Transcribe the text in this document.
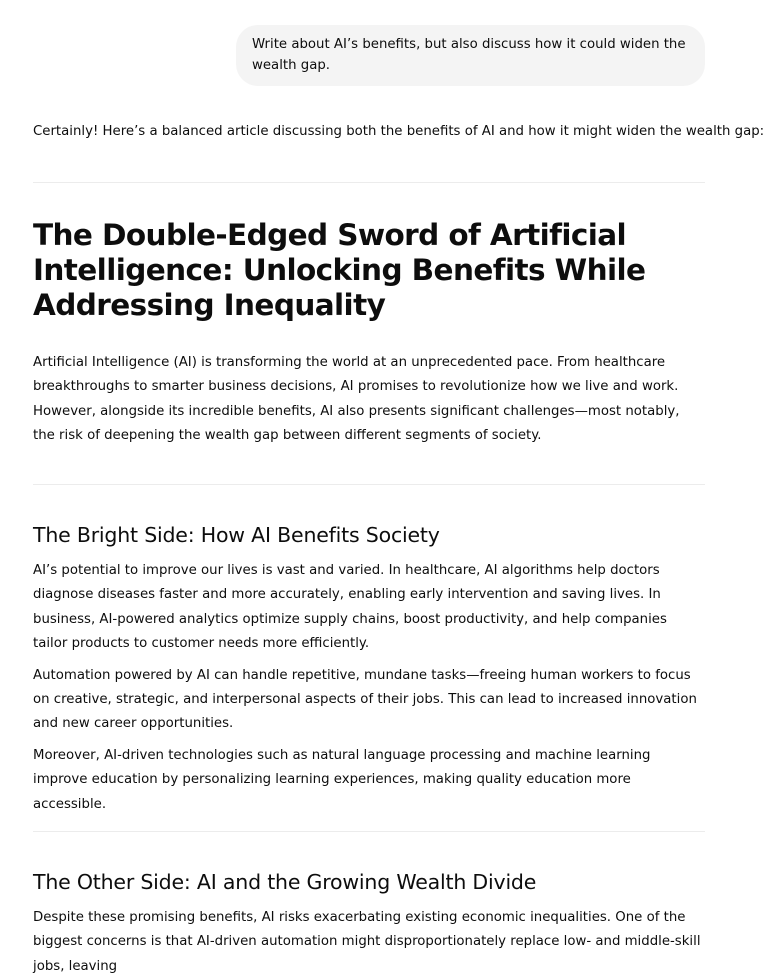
Write about AI’s benefits, but also discuss how it could widen the wealth gap.

Certainly! Here’s a balanced article discussing both the benefits of AI and how it might widen the wealth gap:

The Double-Edged Sword of Artificial Intelligence: Unlocking Benefits While Addressing Inequality

Artificial Intelligence (AI) is transforming the world at an unprecedented pace. From healthcare breakthroughs to smarter business decisions, AI promises to revolutionize how we live and work. However, alongside its incredible benefits, AI also presents significant challenges—most notably, the risk of deepening the wealth gap between different segments of society.

The Bright Side: How AI Benefits Society

AI’s potential to improve our lives is vast and varied. In healthcare, AI algorithms help doctors diagnose diseases faster and more accurately, enabling early intervention and saving lives. In business, AI-powered analytics optimize supply chains, boost productivity, and help companies tailor products to customer needs more efficiently.

Automation powered by AI can handle repetitive, mundane tasks—freeing human workers to focus on creative, strategic, and interpersonal aspects of their jobs. This can lead to increased innovation and new career opportunities.

Moreover, AI-driven technologies such as natural language processing and machine learning improve education by personalizing learning experiences, making quality education more accessible.

The Other Side: AI and the Growing Wealth Divide

Despite these promising benefits, AI risks exacerbating existing economic inequalities. One of the biggest concerns is that AI-driven automation might disproportionately replace low- and middle-skill jobs, leaving
